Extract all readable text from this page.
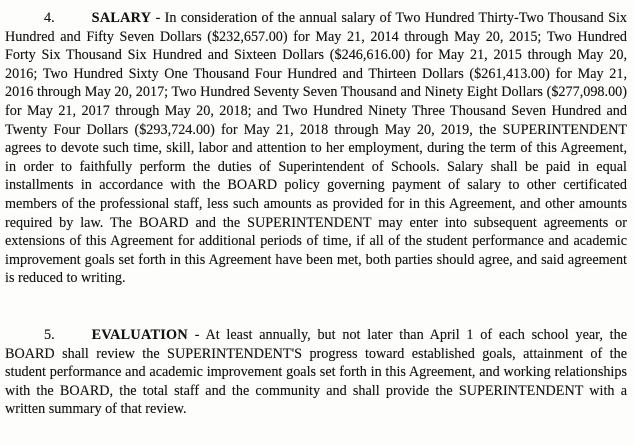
4.	SALARY - In consideration of the annual salary of Two Hundred Thirty-Two Thousand Six Hundred and Fifty Seven Dollars ($232,657.00) for May 21, 2014 through May 20, 2015; Two Hundred Forty Six Thousand Six Hundred and Sixteen Dollars ($246,616.00) for May 21, 2015 through May 20, 2016; Two Hundred Sixty One Thousand Four Hundred and Thirteen Dollars ($261,413.00) for May 21, 2016 through May 20, 2017; Two Hundred Seventy Seven Thousand and Ninety Eight Dollars ($277,098.00) for May 21, 2017 through May 20, 2018; and Two Hundred Ninety Three Thousand Seven Hundred and Twenty Four Dollars ($293,724.00) for May 21, 2018 through May 20, 2019, the SUPERINTENDENT agrees to devote such time, skill, labor and attention to her employment, during the term of this Agreement, in order to faithfully perform the duties of Superintendent of Schools. Salary shall be paid in equal installments in accordance with the BOARD policy governing payment of salary to other certificated members of the professional staff, less such amounts as provided for in this Agreement, and other amounts required by law. The BOARD and the SUPERINTENDENT may enter into subsequent agreements or extensions of this Agreement for additional periods of time, if all of the student performance and academic improvement goals set forth in this Agreement have been met, both parties should agree, and said agreement is reduced to writing.

5.	EVALUATION - At least annually, but not later than April 1 of each school year, the BOARD shall review the SUPERINTENDENT'S progress toward established goals, attainment of the student performance and academic improvement goals set forth in this Agreement, and working relationships with the BOARD, the total staff and the community and shall provide the SUPERINTENDENT with a written summary of that review.
